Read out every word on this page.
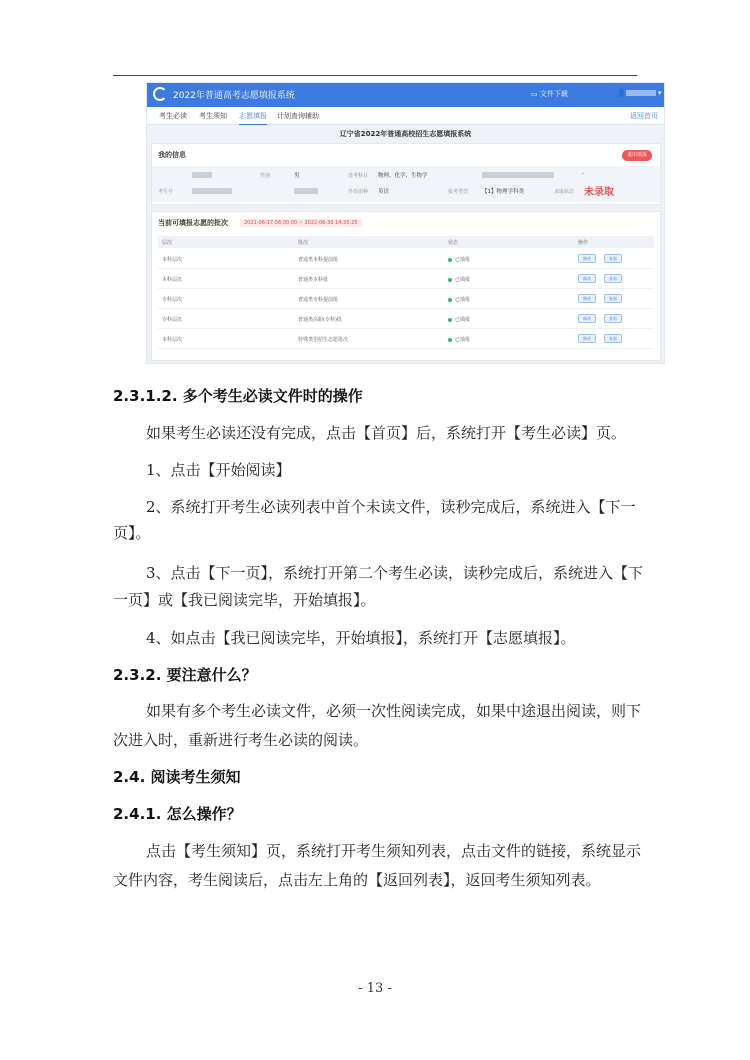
2022年普通高考志愿填报系统	▭ 文件下载	👤	▾
考生必读 考生须知 志愿填报 计划查询辅助	返回首页
辽宁省2022年普通高校招生志愿填报系统
我的信息	退出填报
性别	男	选考科目 物理、化学、生物学	-
考生号	外语语种 英语	报考类型	【1】物理学科类	录取状态 未录取
当前可填报志愿的批次	2021-06-17 08:00:00 ~ 2022-06-30 14:35:25
层次	批次	状态	操作
本科层次	普通类本科提前批	已填报	修改	查看
本科层次	普通类本科批	已填报	修改	查看
专科层次	普通类专科提前批	已填报	修改	查看
专科层次	普通类高职(专科)批	已填报	修改	查看
本科层次	特殊类型招生志愿批次	已填报	修改	查看
2.3.1.2. 多个考生必读文件时的操作
如果考生必读还没有完成，点击【首页】后，系统打开【考生必读】页。
1、点击【开始阅读】
2、系统打开考生必读列表中首个未读文件，读秒完成后，系统进入【下一
页】。
3、点击【下一页】，系统打开第二个考生必读，读秒完成后，系统进入【下
一页】或【我已阅读完毕，开始填报】。
4、如点击【我已阅读完毕，开始填报】，系统打开【志愿填报】。
2.3.2. 要注意什么？
如果有多个考生必读文件，必须一次性阅读完成，如果中途退出阅读，则下
次进入时，重新进行考生必读的阅读。
2.4. 阅读考生须知
2.4.1. 怎么操作？
点击【考生须知】页，系统打开考生须知列表，点击文件的链接，系统显示
文件内容，考生阅读后，点击左上角的【返回列表】，返回考生须知列表。
- 13 -
